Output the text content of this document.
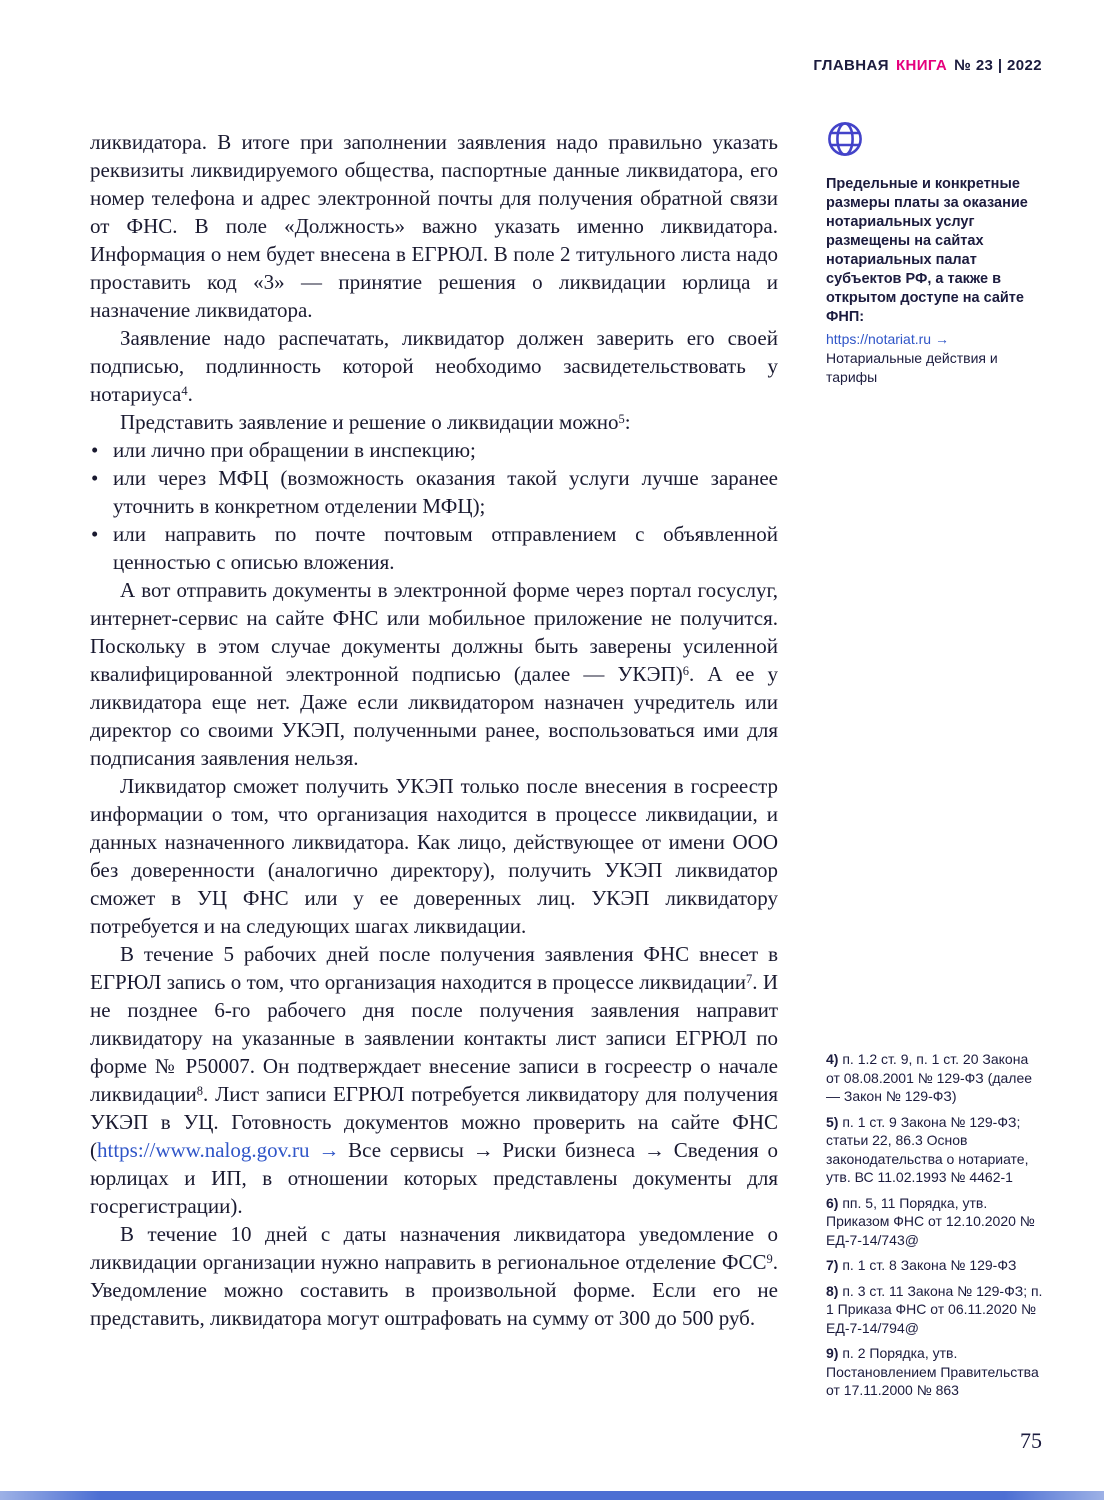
ГЛАВНАЯ КНИГА № 23 | 2022

ликвидатора. В итоге при заполнении заявления надо правильно указать реквизиты ликвидируемого общества, паспортные данные ликвидатора, его номер телефона и адрес электронной почты для получения обратной связи от ФНС. В поле «Должность» важно указать именно ликвидатора. Информация о нем будет внесена в ЕГРЮЛ. В поле 2 титульного листа надо проставить код «3» — принятие решения о ликвидации юрлица и назначение ликвидатора.

Заявление надо распечатать, ликвидатор должен заверить его своей подписью, подлинность которой необходимо засвидетельствовать у нотариуса$^4$.

Представить заявление и решение о ликвидации можно$^5$:

• или лично при обращении в инспекцию;
• или через МФЦ (возможность оказания такой услуги лучше заранее уточнить в конкретном отделении МФЦ);
• или направить по почте почтовым отправлением с объявленной ценностью с описью вложения.

А вот отправить документы в электронной форме через портал госуслуг, интернет-сервис на сайте ФНС или мобильное приложение не получится. Поскольку в этом случае документы должны быть заверены усиленной квалифицированной электронной подписью (далее — УКЭП)$^6$. А ее у ликвидатора еще нет. Даже если ликвидатором назначен учредитель или директор со своими УКЭП, полученными ранее, воспользоваться ими для подписания заявления нельзя.

Ликвидатор сможет получить УКЭП только после внесения в госреестр информации о том, что организация находится в процессе ликвидации, и данных назначенного ликвидатора. Как лицо, действующее от имени ООО без доверенности (аналогично директору), получить УКЭП ликвидатор сможет в УЦ ФНС или у ее доверенных лиц. УКЭП ликвидатору потребуется и на следующих шагах ликвидации.

В течение 5 рабочих дней после получения заявления ФНС внесет в ЕГРЮЛ запись о том, что организация находится в процессе ликвидации$^7$. И не позднее 6-го рабочего дня после получения заявления направит ликвидатору на указанные в заявлении контакты лист записи ЕГРЮЛ по форме № Р50007. Он подтверждает внесение записи в госреестр о начале ликвидации$^8$. Лист записи ЕГРЮЛ потребуется ликвидатору для получения УКЭП в УЦ. Готовность документов можно проверить на сайте ФНС (https://www.nalog.gov.ru → Все сервисы → Риски бизнеса → Сведения о юрлицах и ИП, в отношении которых представлены документы для госрегистрации).

В течение 10 дней с даты назначения ликвидатора уведомление о ликвидации организации нужно направить в региональное отделение ФСС$^9$. Уведомление можно составить в произвольной форме. Если его не представить, ликвидатора могут оштрафовать на сумму от 300 до 500 руб.

Предельные и конкретные размеры платы за оказание нотариальных услуг размещены на сайтах нотариальных палат субъектов РФ, а также в открытом доступе на сайте ФНП:
https://notariat.ru →
Нотариальные действия и тарифы
4) п. 1.2 ст. 9, п. 1 ст. 20 Закона от 08.08.2001 № 129-ФЗ (далее — Закон № 129-ФЗ)
5) п. 1 ст. 9 Закона № 129-ФЗ; статьи 22, 86.3 Основ законодательства о нотариате, утв. ВС 11.02.1993 № 4462-1
6) пп. 5, 11 Порядка, утв. Приказом ФНС от 12.10.2020 № ЕД-7-14/743@
7) п. 1 ст. 8 Закона № 129-ФЗ
8) п. 3 ст. 11 Закона № 129-ФЗ; п. 1 Приказа ФНС от 06.11.2020 № ЕД-7-14/794@
9) п. 2 Порядка, утв. Постановлением Правительства от 17.11.2000 № 863
75
